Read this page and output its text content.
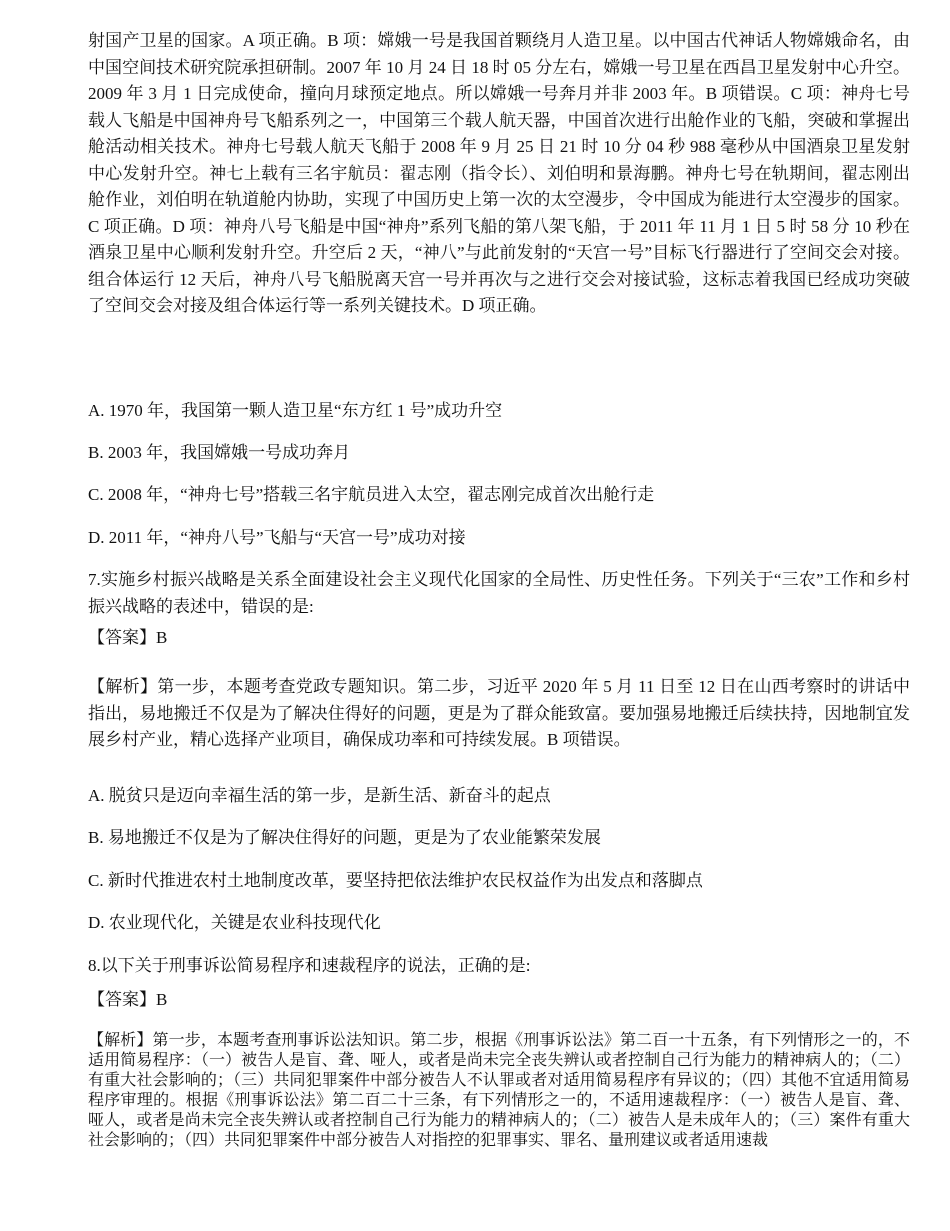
射国产卫星的国家。A 项正确。B 项：嫦娥一号是我国首颗绕月人造卫星。以中国古代神话人物嫦娥命名，由中国空间技术研究院承担研制。2007 年 10 月 24 日 18 时 05 分左右，嫦娥一号卫星在西昌卫星发射中心升空。2009 年 3 月 1 日完成使命，撞向月球预定地点。所以嫦娥一号奔月并非 2003 年。B 项错误。C 项：神舟七号载人飞船是中国神舟号飞船系列之一，中国第三个载人航天器，中国首次进行出舱作业的飞船，突破和掌握出舱活动相关技术。神舟七号载人航天飞船于 2008 年 9 月 25 日 21 时 10 分 04 秒 988 毫秒从中国酒泉卫星发射中心发射升空。神七上载有三名宇航员：翟志刚（指令长）、刘伯明和景海鹏。神舟七号在轨期间，翟志刚出舱作业，刘伯明在轨道舱内协助，实现了中国历史上第一次的太空漫步，令中国成为能进行太空漫步的国家。C 项正确。D 项：神舟八号飞船是中国“神舟”系列飞船的第八架飞船，于 2011 年 11 月 1 日 5 时 58 分 10 秒在酒泉卫星中心顺利发射升空。升空后 2 天，“神八”与此前发射的“天宫一号”目标飞行器进行了空间交会对接。组合体运行 12 天后，神舟八号飞船脱离天宫一号并再次与之进行交会对接试验，这标志着我国已经成功突破了空间交会对接及组合体运行等一系列关键技术。D 项正确。

A. 1970 年，我国第一颗人造卫星“东方红 1 号”成功升空

B. 2003 年，我国嫦娥一号成功奔月

C. 2008 年，“神舟七号”搭载三名宇航员进入太空，翟志刚完成首次出舱行走

D. 2011 年，“神舟八号”飞船与“天宫一号”成功对接

7.实施乡村振兴战略是关系全面建设社会主义现代化国家的全局性、历史性任务。下列关于“三农”工作和乡村振兴战略的表述中，错误的是:

【答案】B

【解析】第一步，本题考查党政专题知识。第二步，习近平 2020 年 5 月 11 日至 12 日在山西考察时的讲话中指出，易地搬迁不仅是为了解决住得好的问题，更是为了群众能致富。要加强易地搬迁后续扶持，因地制宜发展乡村产业，精心选择产业项目，确保成功率和可持续发展。B 项错误。

A. 脱贫只是迈向幸福生活的第一步，是新生活、新奋斗的起点

B. 易地搬迁不仅是为了解决住得好的问题，更是为了农业能繁荣发展

C. 新时代推进农村土地制度改革，要坚持把依法维护农民权益作为出发点和落脚点

D. 农业现代化，关键是农业科技现代化

8.以下关于刑事诉讼简易程序和速裁程序的说法，正确的是:

【答案】B

【解析】第一步，本题考查刑事诉讼法知识。第二步，根据《刑事诉讼法》第二百一十五条，有下列情形之一的，不适用简易程序：（一）被告人是盲、聋、哑人，或者是尚未完全丧失辨认或者控制自己行为能力的精神病人的；（二）有重大社会影响的；（三）共同犯罪案件中部分被告人不认罪或者对适用简易程序有异议的；（四）其他不宜适用简易程序审理的。根据《刑事诉讼法》第二百二十三条，有下列情形之一的，不适用速裁程序：（一）被告人是盲、聋、哑人，或者是尚未完全丧失辨认或者控制自己行为能力的精神病人的；（二）被告人是未成年人的；（三）案件有重大社会影响的；（四）共同犯罪案件中部分被告人对指控的犯罪事实、罪名、量刑建议或者适用速裁
